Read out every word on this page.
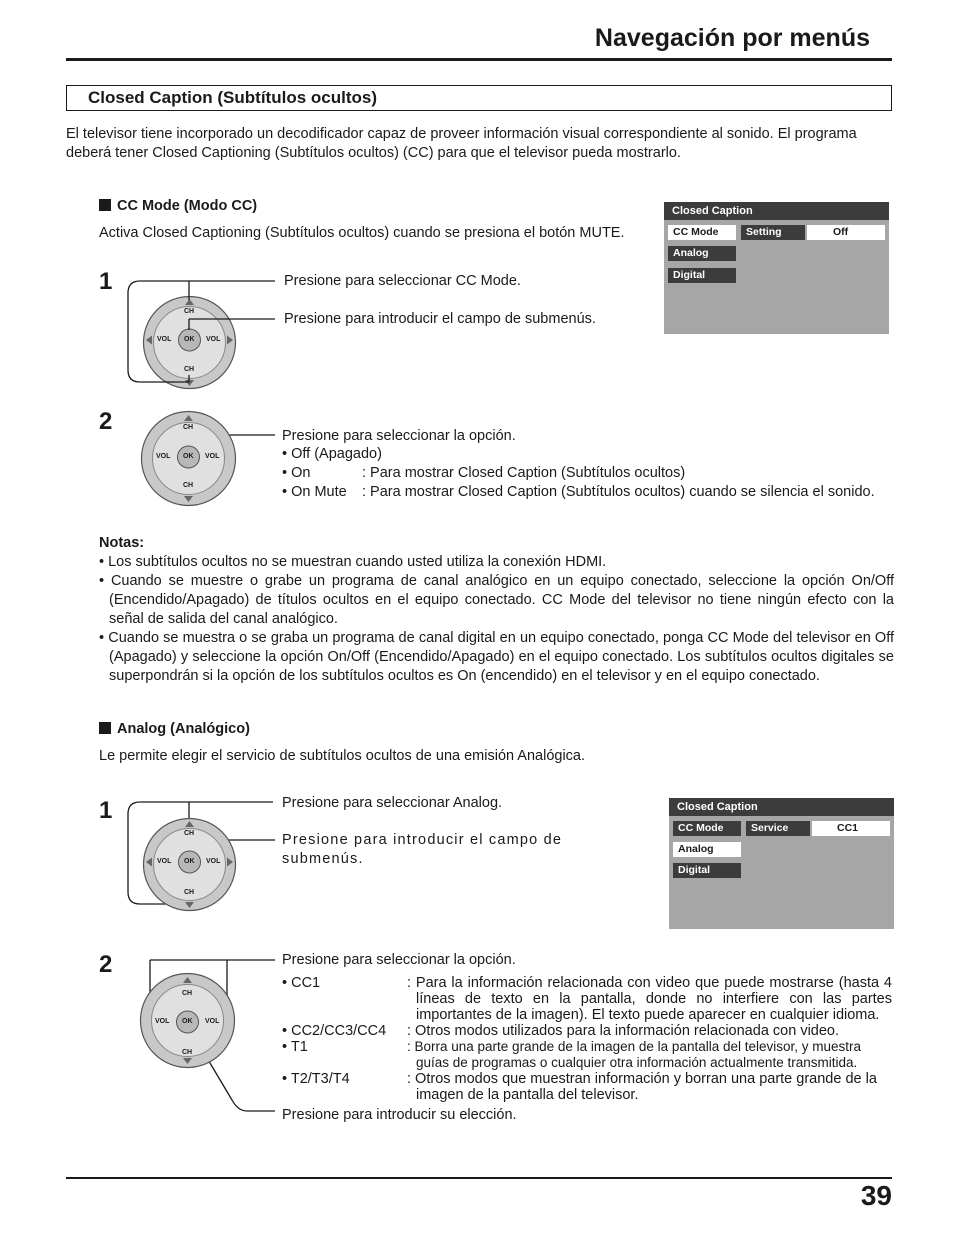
Navegación por menús
Closed Caption (Subtítulos ocultos)
El televisor tiene incorporado un decodificador capaz de proveer información visual correspondiente al sonido. El programa deberá tener Closed Captioning (Subtítulos ocultos) (CC) para que el televisor pueda mostrarlo.
CC Mode (Modo CC)
Activa Closed Captioning (Subtítulos ocultos) cuando se presiona el botón MUTE.
Closed Caption
CC Mode	Setting	Off
Analog
Digital
1
CH
CH
VOL	VOL
OK
Presione para seleccionar CC Mode.
Presione para introducir el campo de submenús.
2	CH
CH
VOL	VOL
OK
Presione para seleccionar la opción.
• Off (Apagado)
• On	: Para mostrar Closed Caption (Subtítulos ocultos)
• On Mute : Para mostrar Closed Caption (Subtítulos ocultos) cuando se silencia el sonido.
Notas:
• Los subtítulos ocultos no se muestran cuando usted utiliza la conexión HDMI.
• Cuando se muestre o grabe un programa de canal analógico en un equipo conectado, seleccione la opción On/Off (Encendido/Apagado) de títulos ocultos en el equipo conectado. CC Mode del televisor no tiene ningún efecto con la señal de salida del canal analógico.
• Cuando se muestra o se graba un programa de canal digital en un equipo conectado, ponga CC Mode del televisor en Off (Apagado) y seleccione la opción On/Off (Encendido/Apagado) en el equipo conectado. Los subtítulos ocultos digitales se superpondrán si la opción de los subtítulos ocultos es On (encendido) en el televisor y en el equipo conectado.
Analog (Analógico)
Le permite elegir el servicio de subtítulos ocultos de una emisión Analógica.
Closed Caption
CC Mode	Service	CC1
Analog
Digital
1
CH
CH
VOL	VOL
OK
Presione para seleccionar Analog.
Presione para introducir el campo de submenús.
2
CH
CH
VOL	VOL
OK
Presione para seleccionar la opción.
• CC1	: Para la información relacionada con video que puede mostrarse (hasta 4 líneas de texto en la pantalla, donde no interfiere con las partes importantes de la imagen). El texto puede aparecer en cualquier idioma.
• CC2/CC3/CC4	: Otros modos utilizados para la información relacionada con video.
• T1	: Borra una parte grande de la imagen de la pantalla del televisor, y muestra guías de programas o cualquier otra información actualmente transmitida.
• T2/T3/T4	: Otros modos que muestran información y borran una parte grande de la imagen de la pantalla del televisor.
Presione para introducir su elección.
39
